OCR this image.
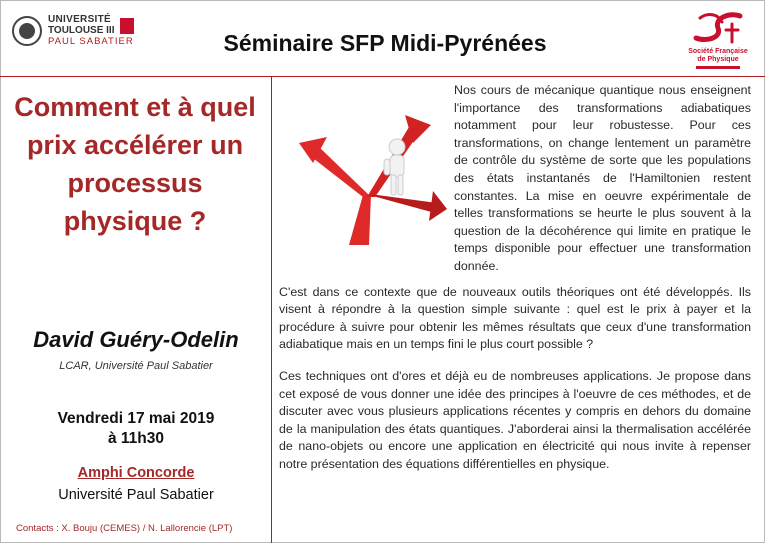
UNIVERSITÉ
TOULOUSE III
PAUL SABATIER	Séminaire SFP Midi-Pyrénées	Société Française
de Physique
Comment et à quel prix accélérer un processus physique ?
David Guéry-Odelin
LCAR, Université Paul Sabatier
Vendredi 17 mai 2019
à 11h30
Amphi Concorde
Université Paul Sabatier
Contacts : X. Bouju (CEMES) / N. Lallorencie (LPT)

Nos cours de mécanique quantique nous enseignent l'importance des transformations adiabatiques notamment pour leur robustesse. Pour ces transformations, on change lentement un paramètre de contrôle du système de sorte que les populations des états instantanés de l'Hamiltonien restent constantes. La mise en oeuvre expérimentale de telles transformations se heurte le plus souvent à la question de la décohérence qui limite en pratique le temps disponible pour effectuer une transformation donnée.

C'est dans ce contexte que de nouveaux outils théoriques ont été développés. Ils visent à répondre à la question simple suivante : quel est le prix à payer et la procédure à suivre pour obtenir les mêmes résultats que ceux d'une transformation adiabatique mais en un temps fini le plus court possible ?

Ces techniques ont d'ores et déjà eu de nombreuses applications. Je propose dans cet exposé de vous donner une idée des principes à l'oeuvre de ces méthodes, et de discuter avec vous plusieurs applications récentes y compris en dehors du domaine de la manipulation des états quantiques. J'aborderai ainsi la thermalisation accélérée de nano-objets ou encore une application en électricité qui nous invite à repenser notre présentation des équations différentielles en physique.
